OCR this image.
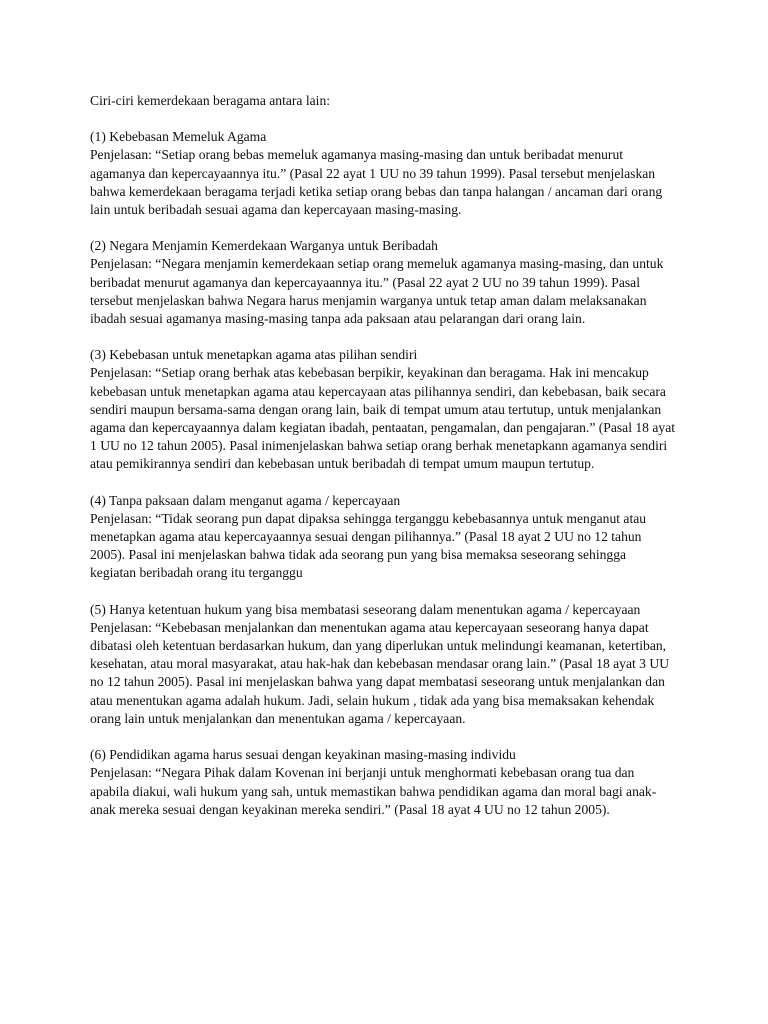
Ciri-ciri kemerdekaan beragama antara lain:
(1) Kebebasan Memeluk Agama
Penjelasan: “Setiap orang bebas memeluk agamanya masing-masing dan untuk beribadat menurut agamanya dan kepercayaannya itu.” (Pasal 22 ayat 1 UU no 39 tahun 1999). Pasal tersebut menjelaskan bahwa kemerdekaan beragama terjadi ketika setiap orang bebas dan tanpa halangan / ancaman dari orang lain untuk beribadah sesuai agama dan kepercayaan masing-masing.
(2) Negara Menjamin Kemerdekaan Warganya untuk Beribadah
Penjelasan: “Negara menjamin kemerdekaan setiap orang memeluk agamanya masing-masing, dan untuk beribadat menurut agamanya dan kepercayaannya itu.” (Pasal 22 ayat 2 UU no 39 tahun 1999). Pasal tersebut menjelaskan bahwa Negara harus menjamin warganya untuk tetap aman dalam melaksanakan ibadah sesuai agamanya masing-masing tanpa ada paksaan atau pelarangan dari orang lain.
(3) Kebebasan untuk menetapkan agama atas pilihan sendiri
Penjelasan: “Setiap orang berhak atas kebebasan berpikir, keyakinan dan beragama. Hak ini mencakup kebebasan untuk menetapkan agama atau kepercayaan atas pilihannya sendiri, dan kebebasan, baik secara sendiri maupun bersama-sama dengan orang lain, baik di tempat umum atau tertutup, untuk menjalankan agama dan kepercayaannya dalam kegiatan ibadah, pentaatan, pengamalan, dan pengajaran.” (Pasal 18 ayat 1 UU no 12 tahun 2005). Pasal inimenjelaskan bahwa setiap orang berhak menetapkann agamanya sendiri atau pemikirannya sendiri dan kebebasan untuk beribadah di tempat umum maupun tertutup.
(4) Tanpa paksaan dalam menganut agama / kepercayaan
Penjelasan: “Tidak seorang pun dapat dipaksa sehingga terganggu kebebasannya untuk menganut atau menetapkan agama atau kepercayaannya sesuai dengan pilihannya.” (Pasal 18 ayat 2 UU no 12 tahun 2005). Pasal ini menjelaskan bahwa tidak ada seorang pun yang bisa memaksa seseorang sehingga kegiatan beribadah orang itu terganggu
(5) Hanya ketentuan hukum yang bisa membatasi seseorang dalam menentukan agama / kepercayaan
Penjelasan: “Kebebasan menjalankan dan menentukan agama atau kepercayaan seseorang hanya dapat dibatasi oleh ketentuan berdasarkan hukum, dan yang diperlukan untuk melindungi keamanan, ketertiban, kesehatan, atau moral masyarakat, atau hak-hak dan kebebasan mendasar orang lain.” (Pasal 18 ayat 3 UU no 12 tahun 2005). Pasal ini menjelaskan bahwa yang dapat membatasi seseorang untuk menjalankan dan atau menentukan agama adalah hukum. Jadi, selain hukum , tidak ada yang bisa memaksakan kehendak orang lain untuk menjalankan dan menentukan agama / kepercayaan.
(6) Pendidikan agama harus sesuai dengan keyakinan masing-masing individu
Penjelasan: “Negara Pihak dalam Kovenan ini berjanji untuk menghormati kebebasan orang tua dan apabila diakui, wali hukum yang sah, untuk memastikan bahwa pendidikan agama dan moral bagi anak-anak mereka sesuai dengan keyakinan mereka sendiri.” (Pasal 18 ayat 4 UU no 12 tahun 2005).
